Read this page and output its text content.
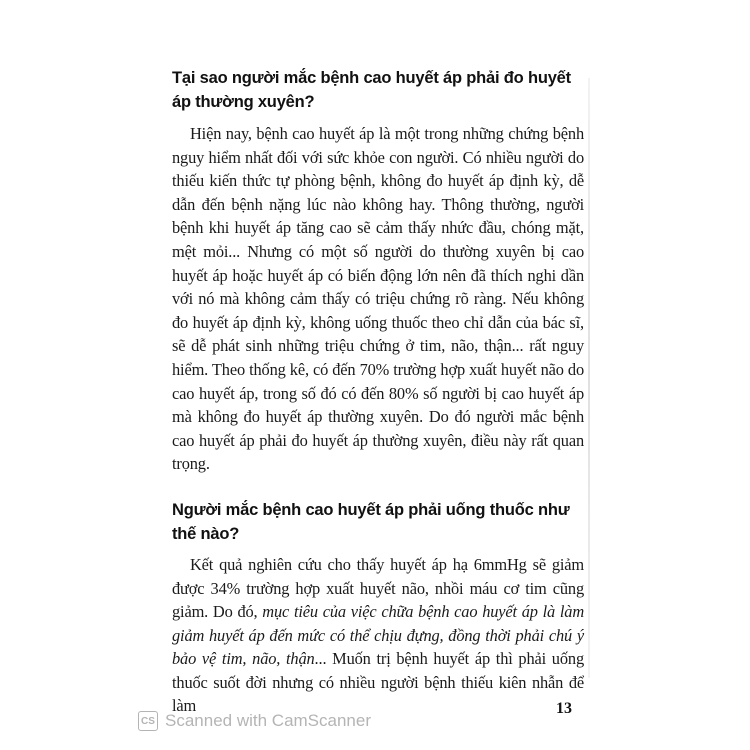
Tại sao người mắc bệnh cao huyết áp phải đo huyết áp thường xuyên?

Hiện nay, bệnh cao huyết áp là một trong những chứng bệnh nguy hiểm nhất đối với sức khỏe con người. Có nhiều người do thiếu kiến thức tự phòng bệnh, không đo huyết áp định kỳ, dễ dẫn đến bệnh nặng lúc nào không hay. Thông thường, người bệnh khi huyết áp tăng cao sẽ cảm thấy nhức đầu, chóng mặt, mệt mỏi... Nhưng có một số người do thường xuyên bị cao huyết áp hoặc huyết áp có biến động lớn nên đã thích nghi dần với nó mà không cảm thấy có triệu chứng rõ ràng. Nếu không đo huyết áp định kỳ, không uống thuốc theo chỉ dẫn của bác sĩ, sẽ dễ phát sinh những triệu chứng ở tim, não, thận... rất nguy hiểm. Theo thống kê, có đến 70% trường hợp xuất huyết não do cao huyết áp, trong số đó có đến 80% số người bị cao huyết áp mà không đo huyết áp thường xuyên. Do đó người mắc bệnh cao huyết áp phải đo huyết áp thường xuyên, điều này rất quan trọng.

Người mắc bệnh cao huyết áp phải uống thuốc như thế nào?

Kết quả nghiên cứu cho thấy huyết áp hạ 6mmHg sẽ giảm được 34% trường hợp xuất huyết não, nhồi máu cơ tim cũng giảm. Do đó, mục tiêu của việc chữa bệnh cao huyết áp là làm giảm huyết áp đến mức có thể chịu đựng, đồng thời phải chú ý bảo vệ tim, não, thận... Muốn trị bệnh huyết áp thì phải uống thuốc suốt đời nhưng có nhiều người bệnh thiếu kiên nhẫn để làm	13
CS Scanned with CamScanner
